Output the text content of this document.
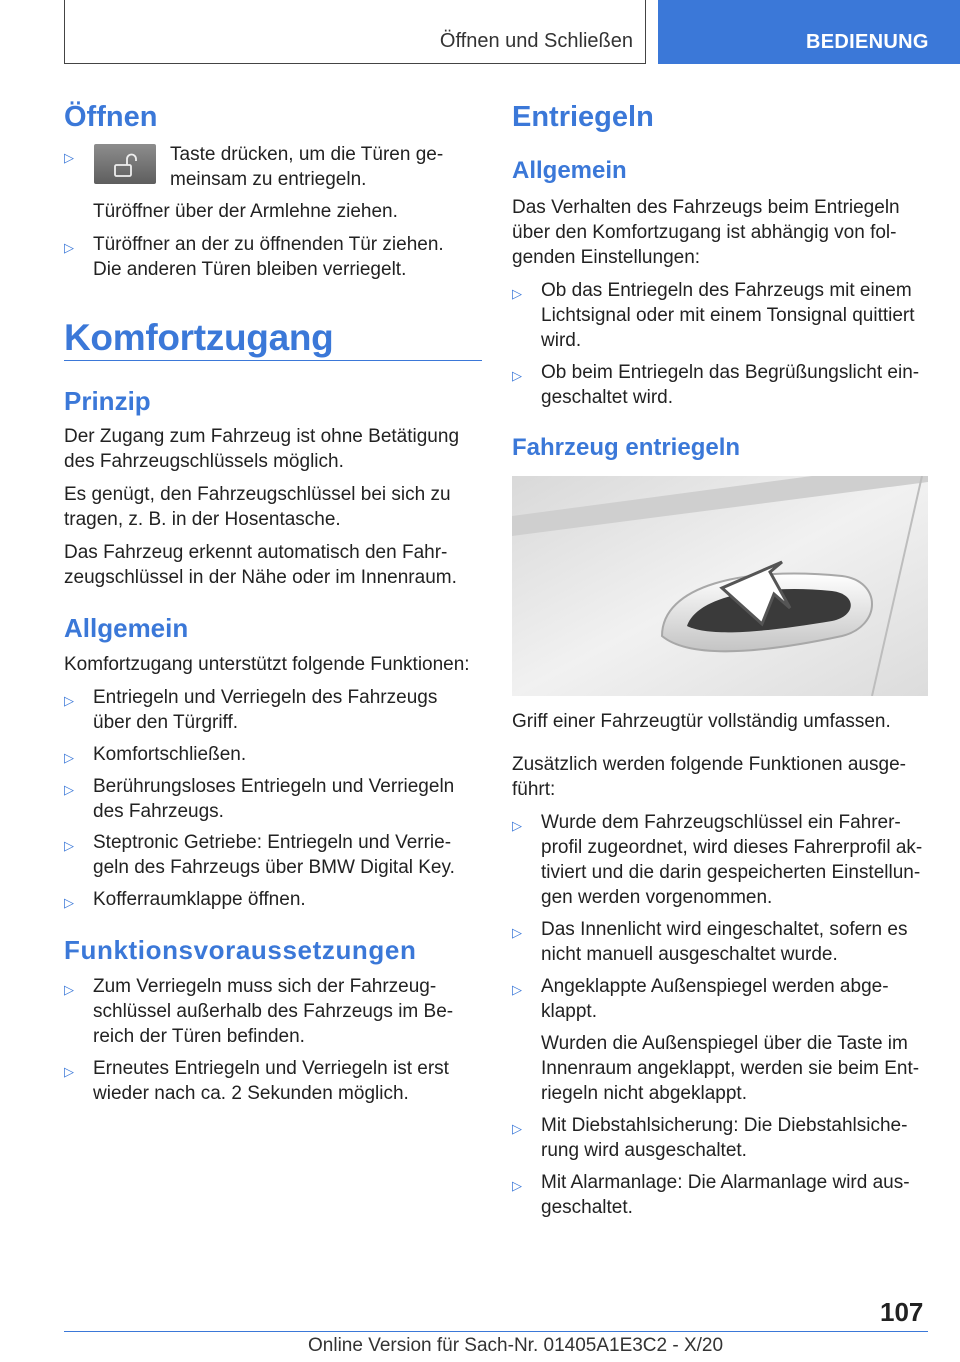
Öffnen und Schließen	BEDIENUNG
Öffnen
▷	Taste drücken, um die Türen ge-
meinsam zu entriegeln.

Türöffner über der Armlehne ziehen.

▷ Türöffner an der zu öffnenden Tür ziehen.
Die anderen Türen bleiben verriegelt.
Komfortzugang
Prinzip

Der Zugang zum Fahrzeug ist ohne Betätigung

des Fahrzeugschlüssels möglich.

Es genügt, den Fahrzeugschlüssel bei sich zu

tragen, z. B. in der Hosentasche.

Das Fahrzeug erkennt automatisch den Fahr-

zeugschlüssel in der Nähe oder im Innenraum.

Allgemein

Komfortzugang unterstützt folgende Funktionen:

▷ Entriegeln und Verriegeln des Fahrzeugs
über den Türgriff.
▷ Komfortschließen.
▷ Berührungsloses Entriegeln und Verriegeln
des Fahrzeugs.
▷ Steptronic Getriebe: Entriegeln und Verrie-
geln des Fahrzeugs über BMW Digital Key.
▷ Kofferraumklappe öffnen.
Funktionsvoraussetzungen
▷ Zum Verriegeln muss sich der Fahrzeug-
schlüssel außerhalb des Fahrzeugs im Be-
reich der Türen befinden.
▷ Erneutes Entriegeln und Verriegeln ist erst
wieder nach ca. 2 Sekunden möglich.
Entriegeln
Allgemein

Das Verhalten des Fahrzeugs beim Entriegeln

über den Komfortzugang ist abhängig von fol-

genden Einstellungen:

▷ Ob das Entriegeln des Fahrzeugs mit einem
Lichtsignal oder mit einem Tonsignal quittiert
wird.
▷ Ob beim Entriegeln das Begrüßungslicht ein-
geschaltet wird.
Fahrzeug entriegeln

Griff einer Fahrzeugtür vollständig umfassen.

Zusätzlich werden folgende Funktionen ausge-

führt:

▷ Wurde dem Fahrzeugschlüssel ein Fahrer-
profil zugeordnet, wird dieses Fahrerprofil ak-
tiviert und die darin gespeicherten Einstellun-
gen werden vorgenommen.
▷ Das Innenlicht wird eingeschaltet, sofern es
nicht manuell ausgeschaltet wurde.
▷ Angeklappte Außenspiegel werden abge-
klappt.
Wurden die Außenspiegel über die Taste im
Innenraum angeklappt, werden sie beim Ent-
riegeln nicht abgeklappt.
▷ Mit Diebstahlsicherung: Die Diebstahlsiche-
rung wird ausgeschaltet.
▷ Mit Alarmanlage: Die Alarmanlage wird aus-
geschaltet.
107
Online Version für Sach-Nr. 01405A1E3C2 - X/20
